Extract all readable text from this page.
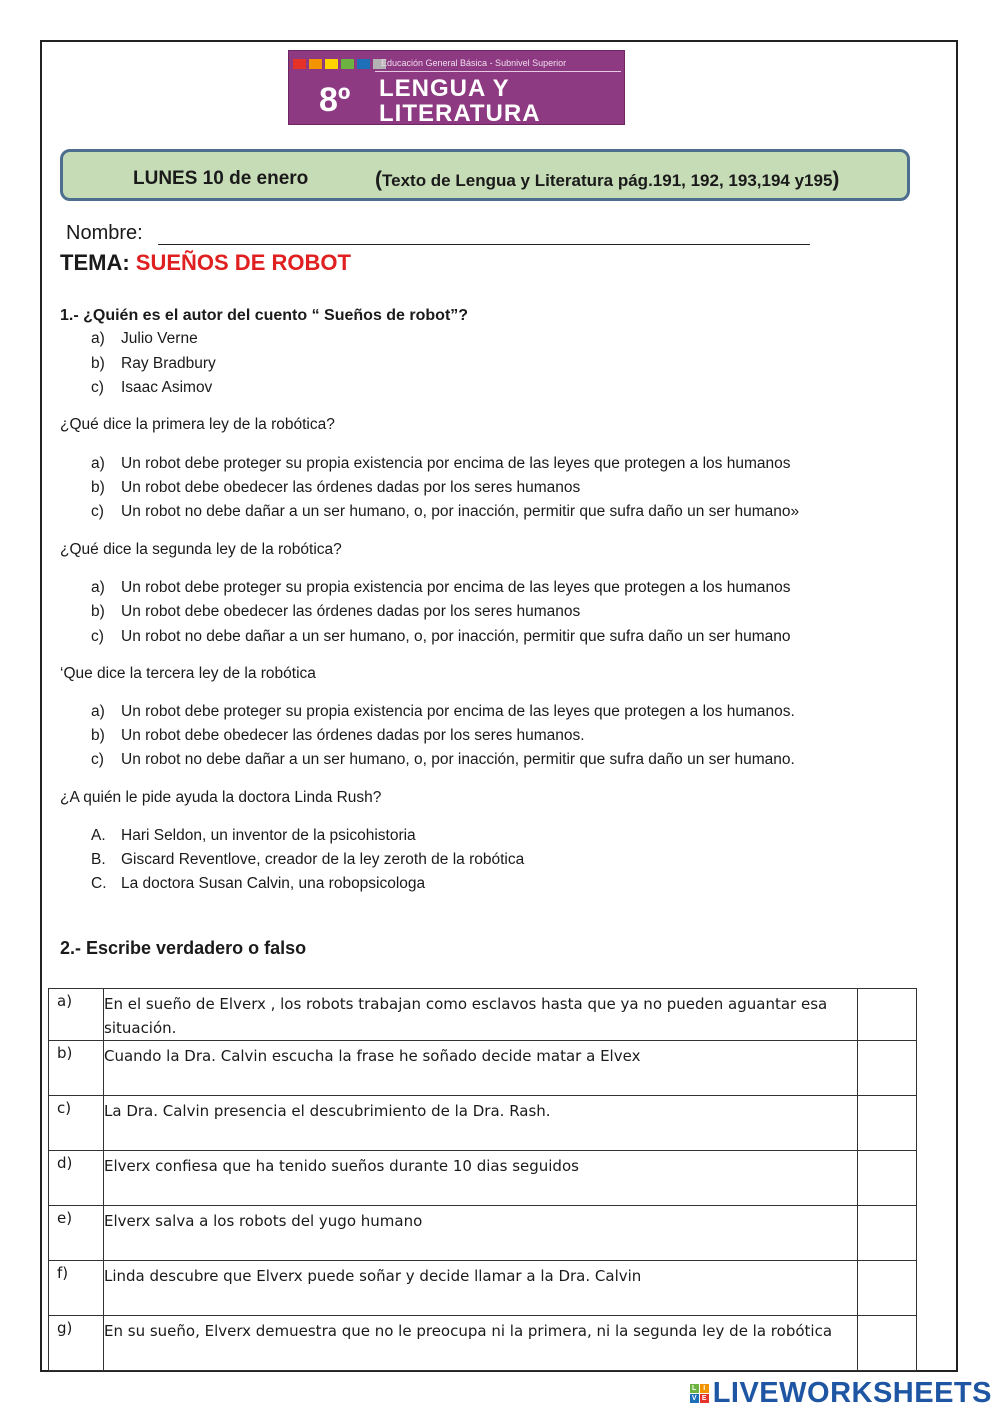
Educación General Básica - Subnivel Superior
8º LENGUA Y
LITERATURA
LUNES 10 de enero	(Texto de Lengua y Literatura pág.191, 192, 193,194 y195)
Nombre:
TEMA: SUEÑOS DE ROBOT
1.- ¿Quién es el autor del cuento “ Sueños de robot”?
a) Julio Verne
b) Ray Bradbury
c) Isaac Asimov
¿Qué dice la primera ley de la robótica?
a) Un robot debe proteger su propia existencia por encima de las leyes que protegen a los humanos
b) Un robot debe obedecer las órdenes dadas por los seres humanos
c) Un robot no debe dañar a un ser humano, o, por inacción, permitir que sufra daño un ser humano»
¿Qué dice la segunda ley de la robótica?
a) Un robot debe proteger su propia existencia por encima de las leyes que protegen a los humanos
b) Un robot debe obedecer las órdenes dadas por los seres humanos
c) Un robot no debe dañar a un ser humano, o, por inacción, permitir que sufra daño un ser humano
‘Que dice la tercera ley de la robótica
a) Un robot debe proteger su propia existencia por encima de las leyes que protegen a los humanos.
b) Un robot debe obedecer las órdenes dadas por los seres humanos.
c) Un robot no debe dañar a un ser humano, o, por inacción, permitir que sufra daño un ser humano.
¿A quién le pide ayuda la doctora Linda Rush?
A. Hari Seldon, un inventor de la psicohistoria
B. Giscard Reventlove, creador de la ley zeroth de la robótica
C. La doctora Susan Calvin, una robopsicologa
2.- Escribe verdadero o falso
a)	En el sueño de Elverx , los robots trabajan como esclavos hasta que ya no pueden aguantar esa situación.	
b)	Cuando la Dra. Calvin escucha la frase he soñado decide matar a Elvex	
c)	La Dra. Calvin presencia el descubrimiento de la Dra. Rash.	
d)	Elverx confiesa que ha tenido sueños durante 10 dias seguidos	
e)	Elverx salva a los robots del yugo humano	
f)	Linda descubre que Elverx puede soñar y decide llamar a la Dra. Calvin	
g)	En su sueño, Elverx demuestra que no le preocupa ni la primera, ni la segunda ley de la robótica	
L I
V E LIVEWORKSHEETS
